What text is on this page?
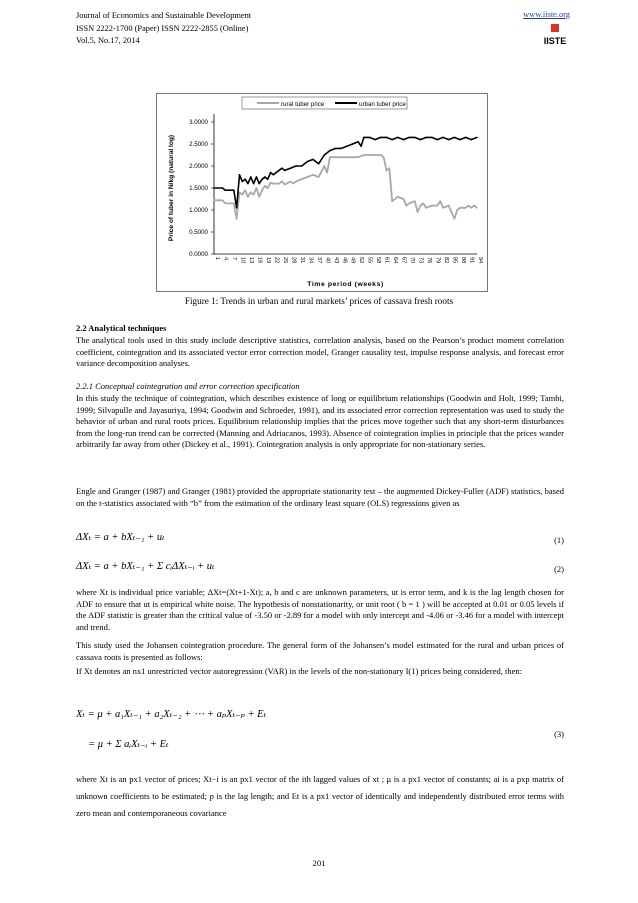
Journal of Economics and Sustainable Development
ISSN 2222-1700 (Paper) ISSN 2222-2855 (Online)
Vol.5, No.17, 2014
www.iiste.org
IISTE
rural tuber price	urban tuber price
0.0000
0.5000
1.0000
1.5000
2.0000
2.5000
3.0000
1 4 7 10 13 16 19 22 25 28 31 34 37 40 43 46 49 52 55 58 61 64 67 70 73 76 79 82 85 88 91 94
Time period (weeks)
Price of tuber in N/kg (natural log)
Figure 1: Trends in urban and rural markets’ prices of cassava fresh roots
2.2 Analytical techniques
The analytical tools used in this study include descriptive statistics, correlation analysis, based on the Pearson’s product moment correlation coefficient, cointegration and its associated vector error correction model, Granger causality test, impulse response analysis, and forecast error variance decomposition analyses.
2.2.1 Conceptual cointegration and error correction specification
In this study the technique of cointegration, which describes existence of long or equilibrium relationships (Goodwin and Holt, 1999; Tambi, 1999; Silvapulle and Jayasuriya, 1994; Goodwin and Schroeder, 1991), and its associated error correction representation was used to study the behavior of urban and rural roots prices. Equilibrium relationship implies that the prices move together such that any short-term disturbances from the long-run trend can be corrected (Manning and Adriacanos, 1993). Absence of cointegration implies in principle that the prices wander arbitrarily far away from other (Dickey et al., 1991). Cointegration analysis is only appropriate for non-stationary series.
Engle and Granger (1987) and Granger (1981) provided the appropriate stationarity test – the augmented Dickey-Fuller (ADF) statistics, based on the t-statistics associated with “b” from the estimation of the ordinary least square (OLS) regressions given as
ΔXₜ = a + bXₜ₋₁ + uₜ	(1)
ΔXₜ = a + bXₜ₋₁ + Σ cᵢΔXₜ₋ᵢ + uₜ	(2)
where Xt is individual price variable; ΔXt=(Xt+1-Xt); a, b and c are unknown parameters, ut is error term, and k is the lag length chosen for ADF to ensure that ut is empirical white noise. The hypothesis of nonstationarity, or unit root ( b = 1 ) will be accepted at 0.01 or 0.05 levels if the ADF statistic is greater than the critical value of -3.50 or -2.89 for a model with only intercept and -4.06 or -3.46 for a model with intercept and trend.
This study used the Johansen cointegration procedure. The general form of the Johansen’s model estimated for the rural and urban prices of cassava roots is presented as follows:
If Xt denotes an nx1 unrestricted vector autoregression (VAR) in the levels of the non-stationary I(1) prices being considered, then:
Xₜ = μ + a₁Xₜ₋₁ + a₂Xₜ₋₂ + ⋯ + aₚXₜ₋ₚ + Eₜ
= μ + Σ aᵢXₜ₋ᵢ + Eₜ
(3)
where Xt is an px1 vector of prices; Xt−i is an px1 vector of the ith lagged values of xt ; μ is a px1 vector of constants; ai is a pxp matrix of unknown coefficients to be estimated; p is the lag length; and Et is a px1 vector of identically and independently distributed error terms with zero mean and contemporaneous covariance
201
